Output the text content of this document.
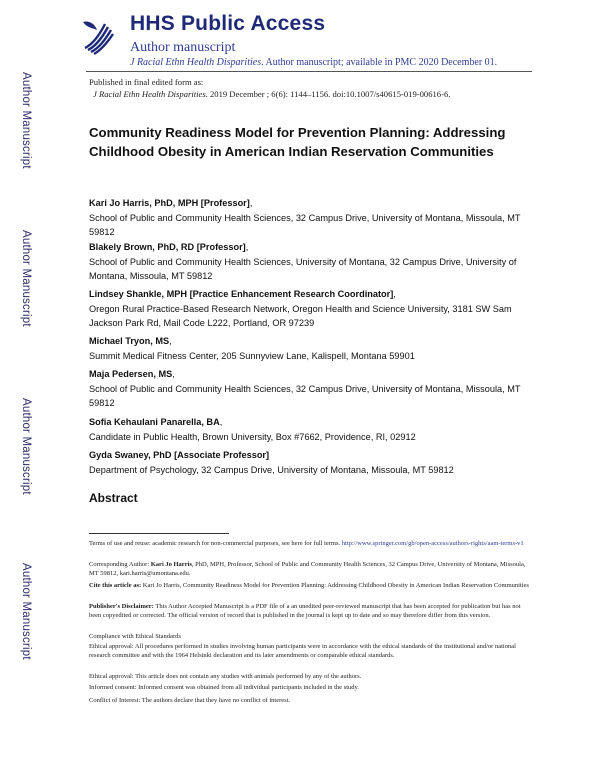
Author Manuscript
Author Manuscript
Author Manuscript
Author Manuscript
HHS Public Access
Author manuscript
J Racial Ethn Health Disparities. Author manuscript; available in PMC 2020 December 01.
Published in final edited form as:
J Racial Ethn Health Disparities. 2019 December ; 6(6): 1144–1156. doi:10.1007/s40615-019-00616-6.
Community Readiness Model for Prevention Planning: Addressing Childhood Obesity in American Indian Reservation Communities
Kari Jo Harris, PhD, MPH [Professor],
School of Public and Community Health Sciences, 32 Campus Drive, University of Montana, Missoula, MT 59812
Blakely Brown, PhD, RD [Professor],
School of Public and Community Health Sciences, University of Montana, 32 Campus Drive, University of Montana, Missoula, MT 59812
Lindsey Shankle, MPH [Practice Enhancement Research Coordinator],
Oregon Rural Practice-Based Research Network, Oregon Health and Science University, 3181 SW Sam Jackson Park Rd, Mail Code L222, Portland, OR 97239
Michael Tryon, MS,
Summit Medical Fitness Center, 205 Sunnyview Lane, Kalispell, Montana 59901
Maja Pedersen, MS,
School of Public and Community Health Sciences, 32 Campus Drive, University of Montana, Missoula, MT 59812
Sofia Kehaulani Panarella, BA,
Candidate in Public Health, Brown University, Box #7662, Providence, RI, 02912
Gyda Swaney, PhD [Associate Professor]
Department of Psychology, 32 Campus Drive, University of Montana, Missoula, MT 59812
Abstract
Terms of use and reuse: academic research for non-commercial purposes, see here for full terms. http://www.springer.com/gb/open-access/authors-rights/aam-terms-v1
Corresponding Author: Kari Jo Harris, PhD, MPH, Professor, School of Public and Community Health Sciences, 32 Campus Drive, University of Montana, Missoula, MT 59812, kari.harris@umontana.edu.
Cite this article as: Kari Jo Harris, Community Readiness Model for Prevention Planning: Addressing Childhood Obesity in American Indian Reservation Communities
Publisher's Disclaimer: This Author Accepted Manuscript is a PDF file of a an unedited peer-reviewed manuscript that has been accepted for publication but has not been copyedited or corrected. The official version of record that is published in the journal is kept up to date and so may therefore differ from this version.
Compliance with Ethical Standards
Ethical approval: All procedures performed in studies involving human participants were in accordance with the ethical standards of the institutional and/or national research committee and with the 1964 Helsinki declaration and its later amendments or comparable ethical standards.
Ethical approval: This article does not contain any studies with animals performed by any of the authors.
Informed consent: Informed consent was obtained from all individual participants included in the study.
Conflict of Interest: The authors declare that they have no conflict of interest.
